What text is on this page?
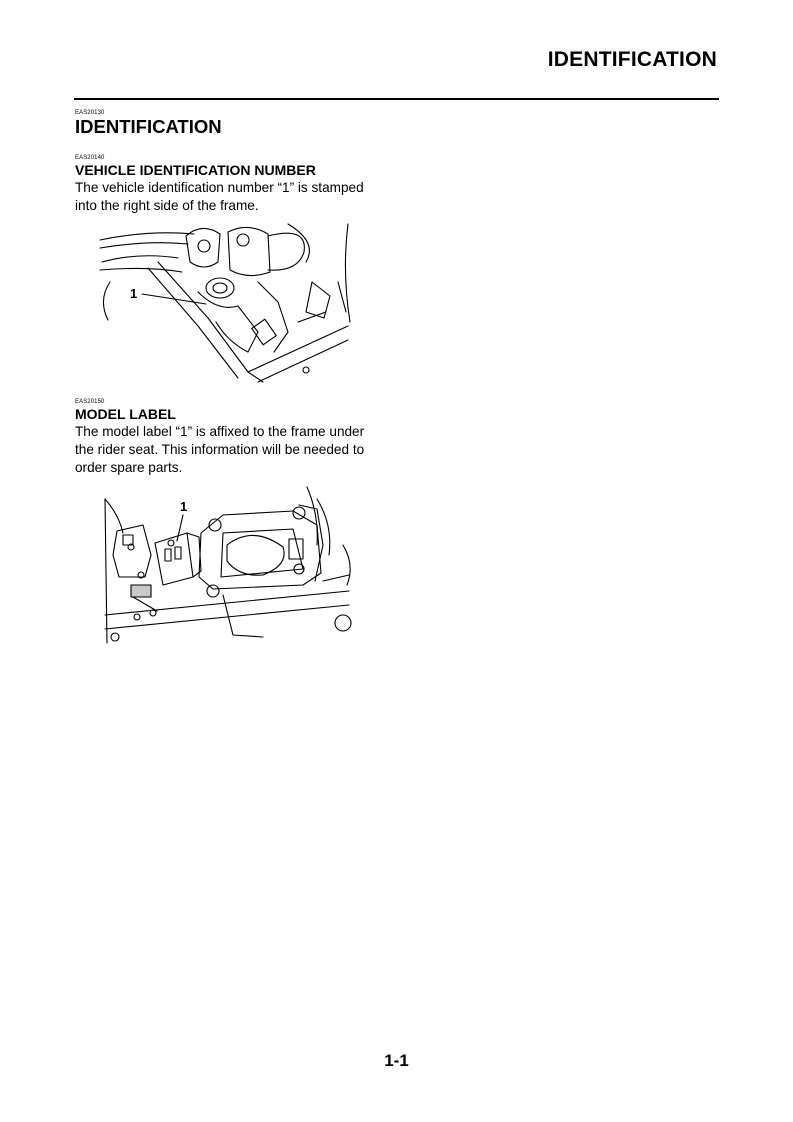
IDENTIFICATION
EAS20130
IDENTIFICATION
EAS20140
VEHICLE IDENTIFICATION NUMBER
The vehicle identification number “1” is stamped
into the right side of the frame.
1
EAS20150
MODEL LABEL
The model label “1” is affixed to the frame under
the rider seat. This information will be needed to
order spare parts.
1
1-1
